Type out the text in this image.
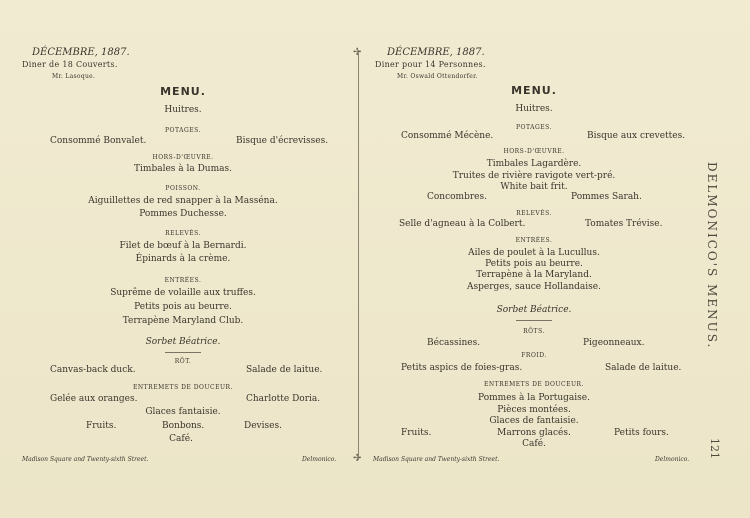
DÉCEMBRE, 1887.
Diner de 18 Couverts.
Mr. Lasoque.
MENU.
Huitres.
POTAGES.
Consommé Bonvalet.	Bisque d'écrevisses.
HORS-D'ŒUVRE.
Timbales à la Dumas.
POISSON.
Aiguillettes de red snapper à la Masséna.
Pommes Duchesse.
RELEVÉS.
Filet de bœuf à la Bernardi.
Épinards à la crème.
ENTRÉES.
Suprême de volaille aux truffes.
Petits pois au beurre.
Terrapène Maryland Club.
Sorbet Béatrice.
RÔT.
Canvas-back duck.	Salade de laitue.
ENTREMETS DE DOUCEUR.
Gelée aux oranges.	Charlotte Doria.
Glaces fantaisie.
Fruits.	Bonbons.	Devises.
Café.
Madison Square and Twenty-sixth Street.	Delmonico.
✢
✢
DÉCEMBRE, 1887.
Diner pour 14 Personnes.
Mr. Oswald Ottendorfer.
MENU.
Huitres.
POTAGES.
Consommé Mécène.	Bisque aux crevettes.
HORS-D'ŒUVRE.
Timbales Lagardère.
Truites de rivière ravigote vert-pré.
White bait frit.
Concombres.	Pommes Sarah.
RELEVÉS.
Selle d'agneau à la Colbert.	Tomates Trévise.
ENTRÉES.
Ailes de poulet à la Lucullus.
Petits pois au beurre.
Terrapène à la Maryland.
Asperges, sauce Hollandaise.
Sorbet Béatrice.
RÔTS.
Bécassines.	Pigeonneaux.
FROID.
Petits aspics de foies-gras.	Salade de laitue.
ENTREMETS DE DOUCEUR.
Pommes à la Portugaise.
Pièces montées.
Glaces de fantaisie.
Fruits.	Marrons glacés.	Petits fours.
Café.
Madison Square and Twenty-sixth Street.	Delmonico.
DELMONICO'S MENUS.
121
